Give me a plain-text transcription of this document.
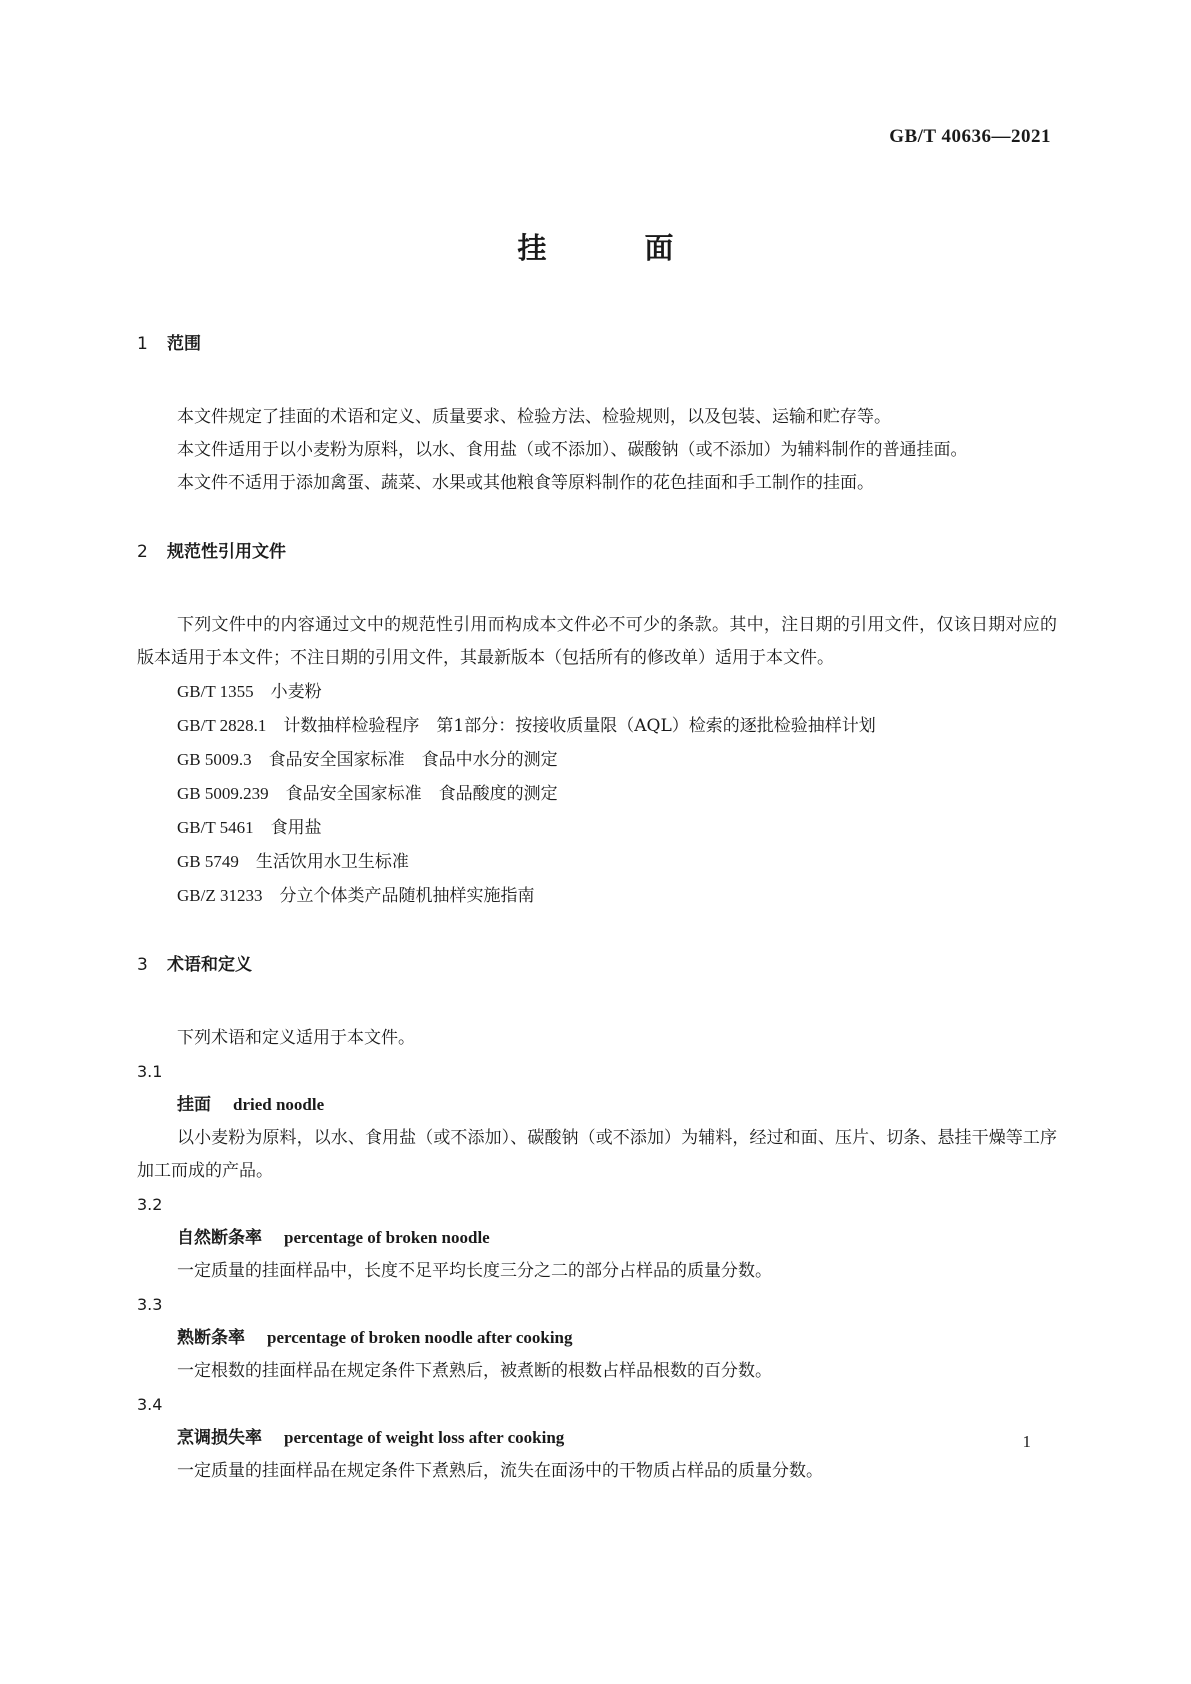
GB/T 40636—2021
挂面
1 范围

本文件规定了挂面的术语和定义、质量要求、检验方法、检验规则，以及包装、运输和贮存等。

本文件适用于以小麦粉为原料，以水、食用盐（或不添加）、碳酸钠（或不添加）为辅料制作的普通挂面。

本文件不适用于添加禽蛋、蔬菜、水果或其他粮食等原料制作的花色挂面和手工制作的挂面。

2 规范性引用文件

下列文件中的内容通过文中的规范性引用而构成本文件必不可少的条款。其中，注日期的引用文件，仅该日期对应的版本适用于本文件；不注日期的引用文件，其最新版本（包括所有的修改单）适用于本文件。

GB/T 1355　 小麦粉

GB/T 2828.1　 计数抽样检验程序　第1部分：按接收质量限（AQL）检索的逐批检验抽样计划

GB 5009.3　 食品安全国家标准　食品中水分的测定

GB 5009.239　 食品安全国家标准　食品酸度的测定

GB/T 5461　 食用盐

GB 5749　 生活饮用水卫生标准

GB/Z 31233　 分立个体类产品随机抽样实施指南

3 术语和定义

下列术语和定义适用于本文件。

3.1

挂面 dried noodle

以小麦粉为原料，以水、食用盐（或不添加）、碳酸钠（或不添加）为辅料，经过和面、压片、切条、悬挂干燥等工序加工而成的产品。

3.2

自然断条率 percentage of broken noodle

一定质量的挂面样品中，长度不足平均长度三分之二的部分占样品的质量分数。

3.3

熟断条率 percentage of broken noodle after cooking

一定根数的挂面样品在规定条件下煮熟后，被煮断的根数占样品根数的百分数。

3.4

烹调损失率 percentage of weight loss after cooking

一定质量的挂面样品在规定条件下煮熟后，流失在面汤中的干物质占样品的质量分数。

1
